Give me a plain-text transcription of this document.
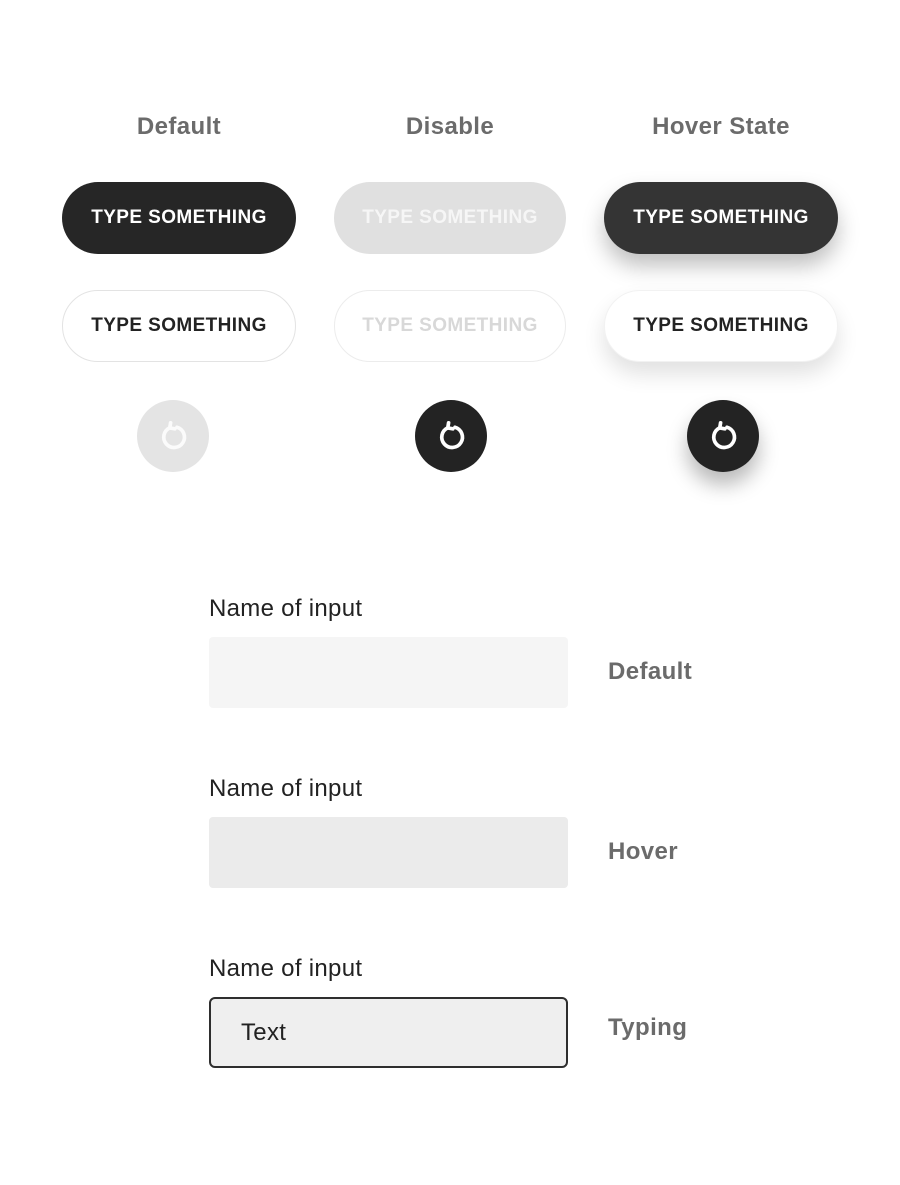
Default	Disable	Hover State
TYPE SOMETHING	TYPE SOMETHING	TYPE SOMETHING
TYPE SOMETHING	TYPE SOMETHING	TYPE SOMETHING
Name of input
Default
Name of input
Hover
Name of input
Text
Typing
